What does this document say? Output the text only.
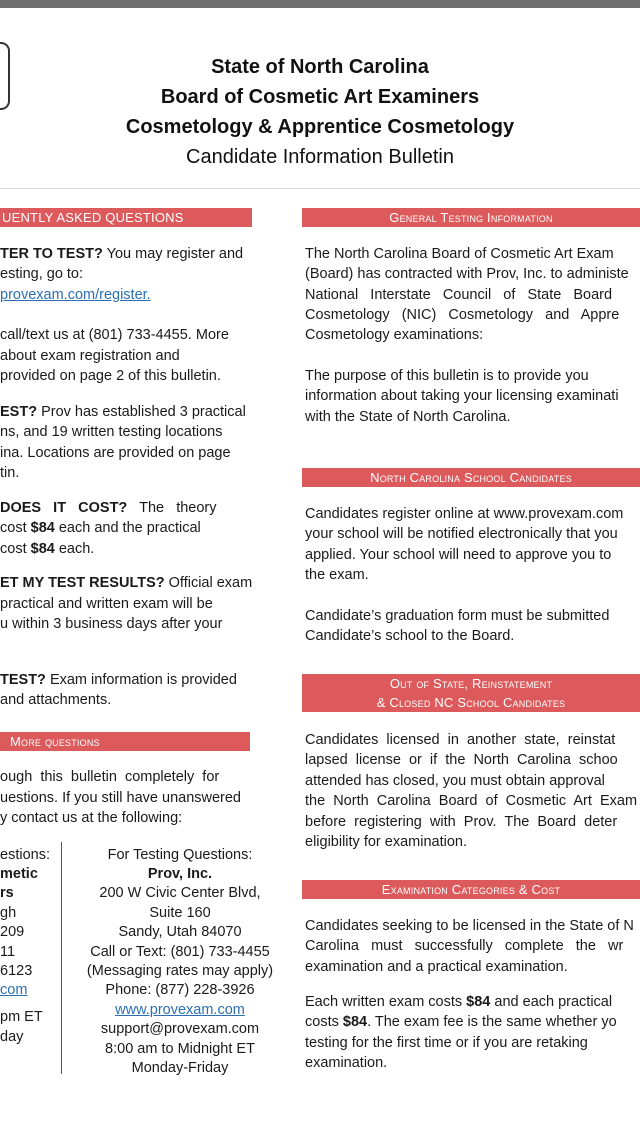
State of North Carolina
Board of Cosmetic Art Examiners
Cosmetology & Apprentice Cosmetology
Candidate Information Bulletin
UENTLY ASKED QUESTIONS
TER TO TEST? You may register and
esting, go to:
provexam.com/register.
call/text us at (801) 733-4455. More
about exam registration and
provided on page 2 of this bulletin.
EST? Prov has established 3 practical
ns, and 19 written testing locations
ina. Locations are provided on page
tin.
DOES   IT   COST?   The   theory
cost $84 each and the practical
cost $84 each.
ET MY TEST RESULTS? Official exam
practical and written exam will be
u within 3 business days after your
TEST? Exam information is provided
and attachments.
More questions
ough  this  bulletin  completely  for
uestions. If you still have unanswered
y contact us at the following:
estions:
metic
rs
gh
209
11
6123
com
pm ET
day
For Testing Questions:
Prov, Inc.
200 W Civic Center Blvd,
Suite 160
Sandy, Utah 84070
Call or Text: (801) 733-4455
(Messaging rates may apply)
Phone: (877) 228-3926
www.provexam.com
support@provexam.com
8:00 am to Midnight ET
Monday-Friday
General Testing Information
The North Carolina Board of Cosmetic Art Exam
(Board) has contracted with Prov, Inc. to administe
National   Interstate   Council   of   State   Board
Cosmetology   (NIC)   Cosmetology   and   Appre
Cosmetology examinations:
The purpose of this bulletin is to provide you
information about taking your licensing examinati
with the State of North Carolina.
North Carolina School Candidates
Candidates register online at www.provexam.com
your school will be notified electronically that you
applied. Your school will need to approve you to
the exam.
Candidate’s graduation form must be submitted
Candidate’s school to the Board.
Out of State, Reinstatement
& Closed NC School Candidates
Candidates  licensed  in  another  state,  reinstat
lapsed  license  or  if  the  North  Carolina  schoo
attended has closed, you must obtain approval
the  North  Carolina  Board  of  Cosmetic  Art  Exam
before  registering  with  Prov.  The  Board  deter
eligibility for examination.
Examination Categories & Cost
Candidates seeking to be licensed in the State of N
Carolina   must   successfully   complete   the   wr
examination and a practical examination.
Each written exam costs $84 and each practical
costs $84. The exam fee is the same whether yo
testing for the first time or if you are retaking
examination.
